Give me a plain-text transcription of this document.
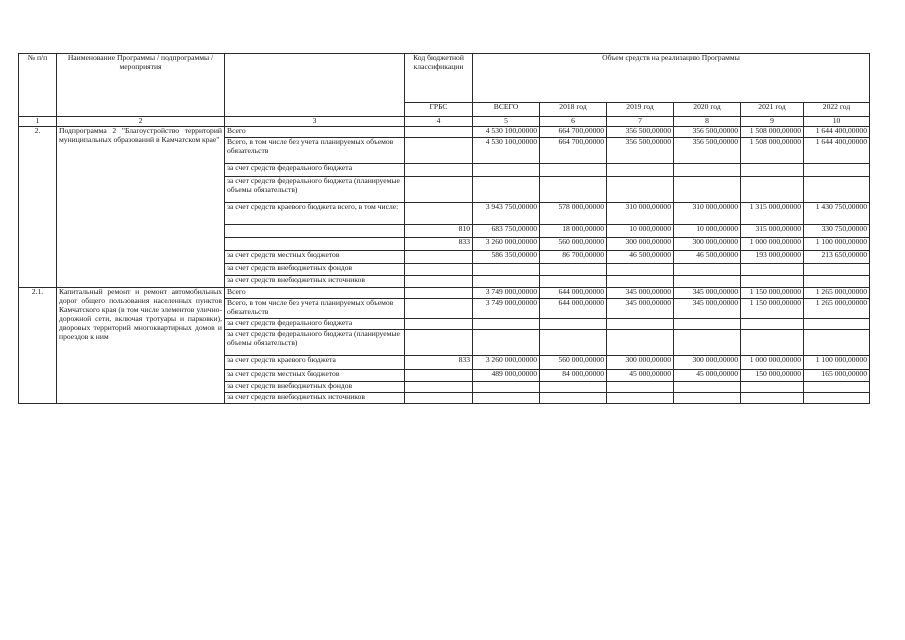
№ п/п	Наименование Программы / подпрограммы / мероприятия		Код бюджетной классификации	Объем средств на реализацию Программы					
			ГРБС	ВСЕГО	2018 год	2019 год	2020 год	2021 год	2022 год
1	2	3	4	5	6	7	8	9	10
2.	Подпрограмма 2 "Благоустройство территорий муниципальных образований в Камчатском крае"	Всего		4 530 100,00000	664 700,00000	356 500,00000	356 500,00000	1 508 000,00000	1 644 400,00000
		Всего, в том числе без учета планируемых объемов обязательств		4 530 100,00000	664 700,00000	356 500,00000	356 500,00000	1 508 000,00000	1 644 400,00000
		за счет средств федерального бюджета							
		за счет средств федерального бюджета (планируемые объемы обязательств)							
		за счет средств краевого бюджета всего, в том числе:		3 943 750,00000	578 000,00000	310 000,00000	310 000,00000	1 315 000,00000	1 430 750,00000
			810	683 750,00000	18 000,00000	10 000,00000	10 000,00000	315 000,00000	330 750,00000
			833	3 260 000,00000	560 000,00000	300 000,00000	300 000,00000	1 000 000,00000	1 100 000,00000
		за счет средств местных бюджетов		586 350,00000	86 700,00000	46 500,00000	46 500,00000	193 000,00000	213 650,00000
		за счет средств внебюджетных фондов							
		за счет средств внебюджетных источников							
2.1.	Капитальный ремонт и ремонт автомобильных дорог общего пользования населенных пунктов Камчатского края (в том числе элементов улично-дорожной сети, включая тротуары и парковки), дворовых территорий многоквартирных домов и проездов к ним	Всего		3 749 000,00000	644 000,00000	345 000,00000	345 000,00000	1 150 000,00000	1 265 000,00000
		Всего, в том числе без учета планируемых объемов обязательств		3 749 000,00000	644 000,00000	345 000,00000	345 000,00000	1 150 000,00000	1 265 000,00000
		за счет средств федерального бюджета							
		за счет средств федерального бюджета (планируемые объемы обязательств)							
		за счет средств краевого бюджета	833	3 260 000,00000	560 000,00000	300 000,00000	300 000,00000	1 000 000,00000	1 100 000,00000
		за счет средств местных бюджетов		489 000,00000	84 000,00000	45 000,00000	45 000,00000	150 000,00000	165 000,00000
		за счет средств внебюджетных фондов							
		за счет средств внебюджетных источников							
